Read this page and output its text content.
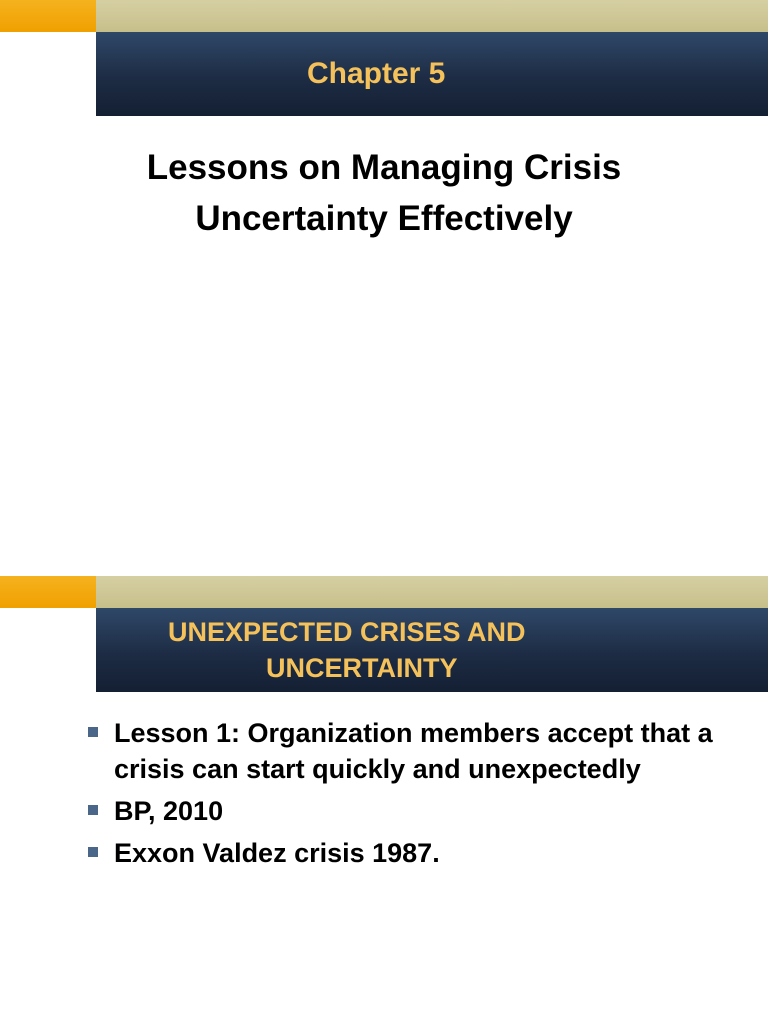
Chapter 5
Lessons on Managing Crisis
Uncertainty Effectively
UNEXPECTED CRISES AND
UNCERTAINTY
Lesson 1: Organization members accept that a crisis can start quickly and unexpectedly
BP, 2010
Exxon Valdez crisis 1987.
